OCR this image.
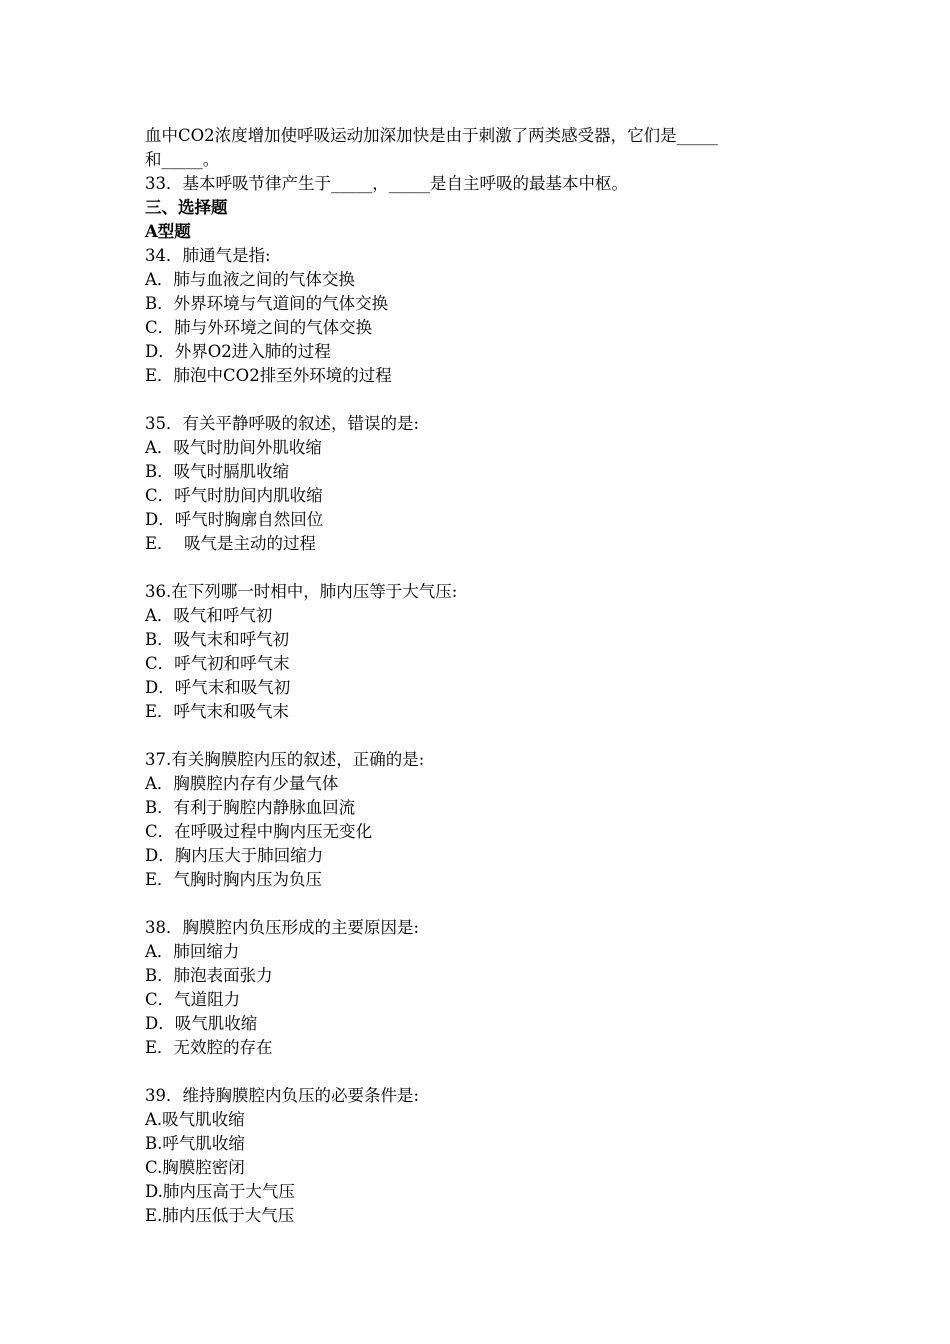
血中CO2浓度增加使呼吸运动加深加快是由于刺激了两类感受器，它们是_____
和_____。
33．基本呼吸节律产生于_____，_____是自主呼吸的最基本中枢。
三、选择题
A型题
34．肺通气是指:
A．肺与血液之间的气体交换
B．外界环境与气道间的气体交换
C．肺与外环境之间的气体交换
D．外界O2进入肺的过程
E．肺泡中CO2排至外环境的过程
35．有关平静呼吸的叙述，错误的是:
A．吸气时肋间外肌收缩
B．吸气时膈肌收缩
C．呼气时肋间内肌收缩
D．呼气时胸廓自然回位
E．  吸气是主动的过程
36.在下列哪一时相中，肺内压等于大气压:
A．吸气和呼气初
B．吸气末和呼气初
C．呼气初和呼气末
D．呼气末和吸气初
E．呼气末和吸气末
37.有关胸膜腔内压的叙述，正确的是:
A．胸膜腔内存有少量气体
B．有利于胸腔内静脉血回流
C．在呼吸过程中胸内压无变化
D．胸内压大于肺回缩力
E．气胸时胸内压为负压
38．胸膜腔内负压形成的主要原因是:
A．肺回缩力
B．肺泡表面张力
C．气道阻力
D．吸气肌收缩
E．无效腔的存在
39．维持胸膜腔内负压的必要条件是:
A.吸气肌收缩
B.呼气肌收缩
C.胸膜腔密闭
D.肺内压高于大气压
E.肺内压低于大气压
